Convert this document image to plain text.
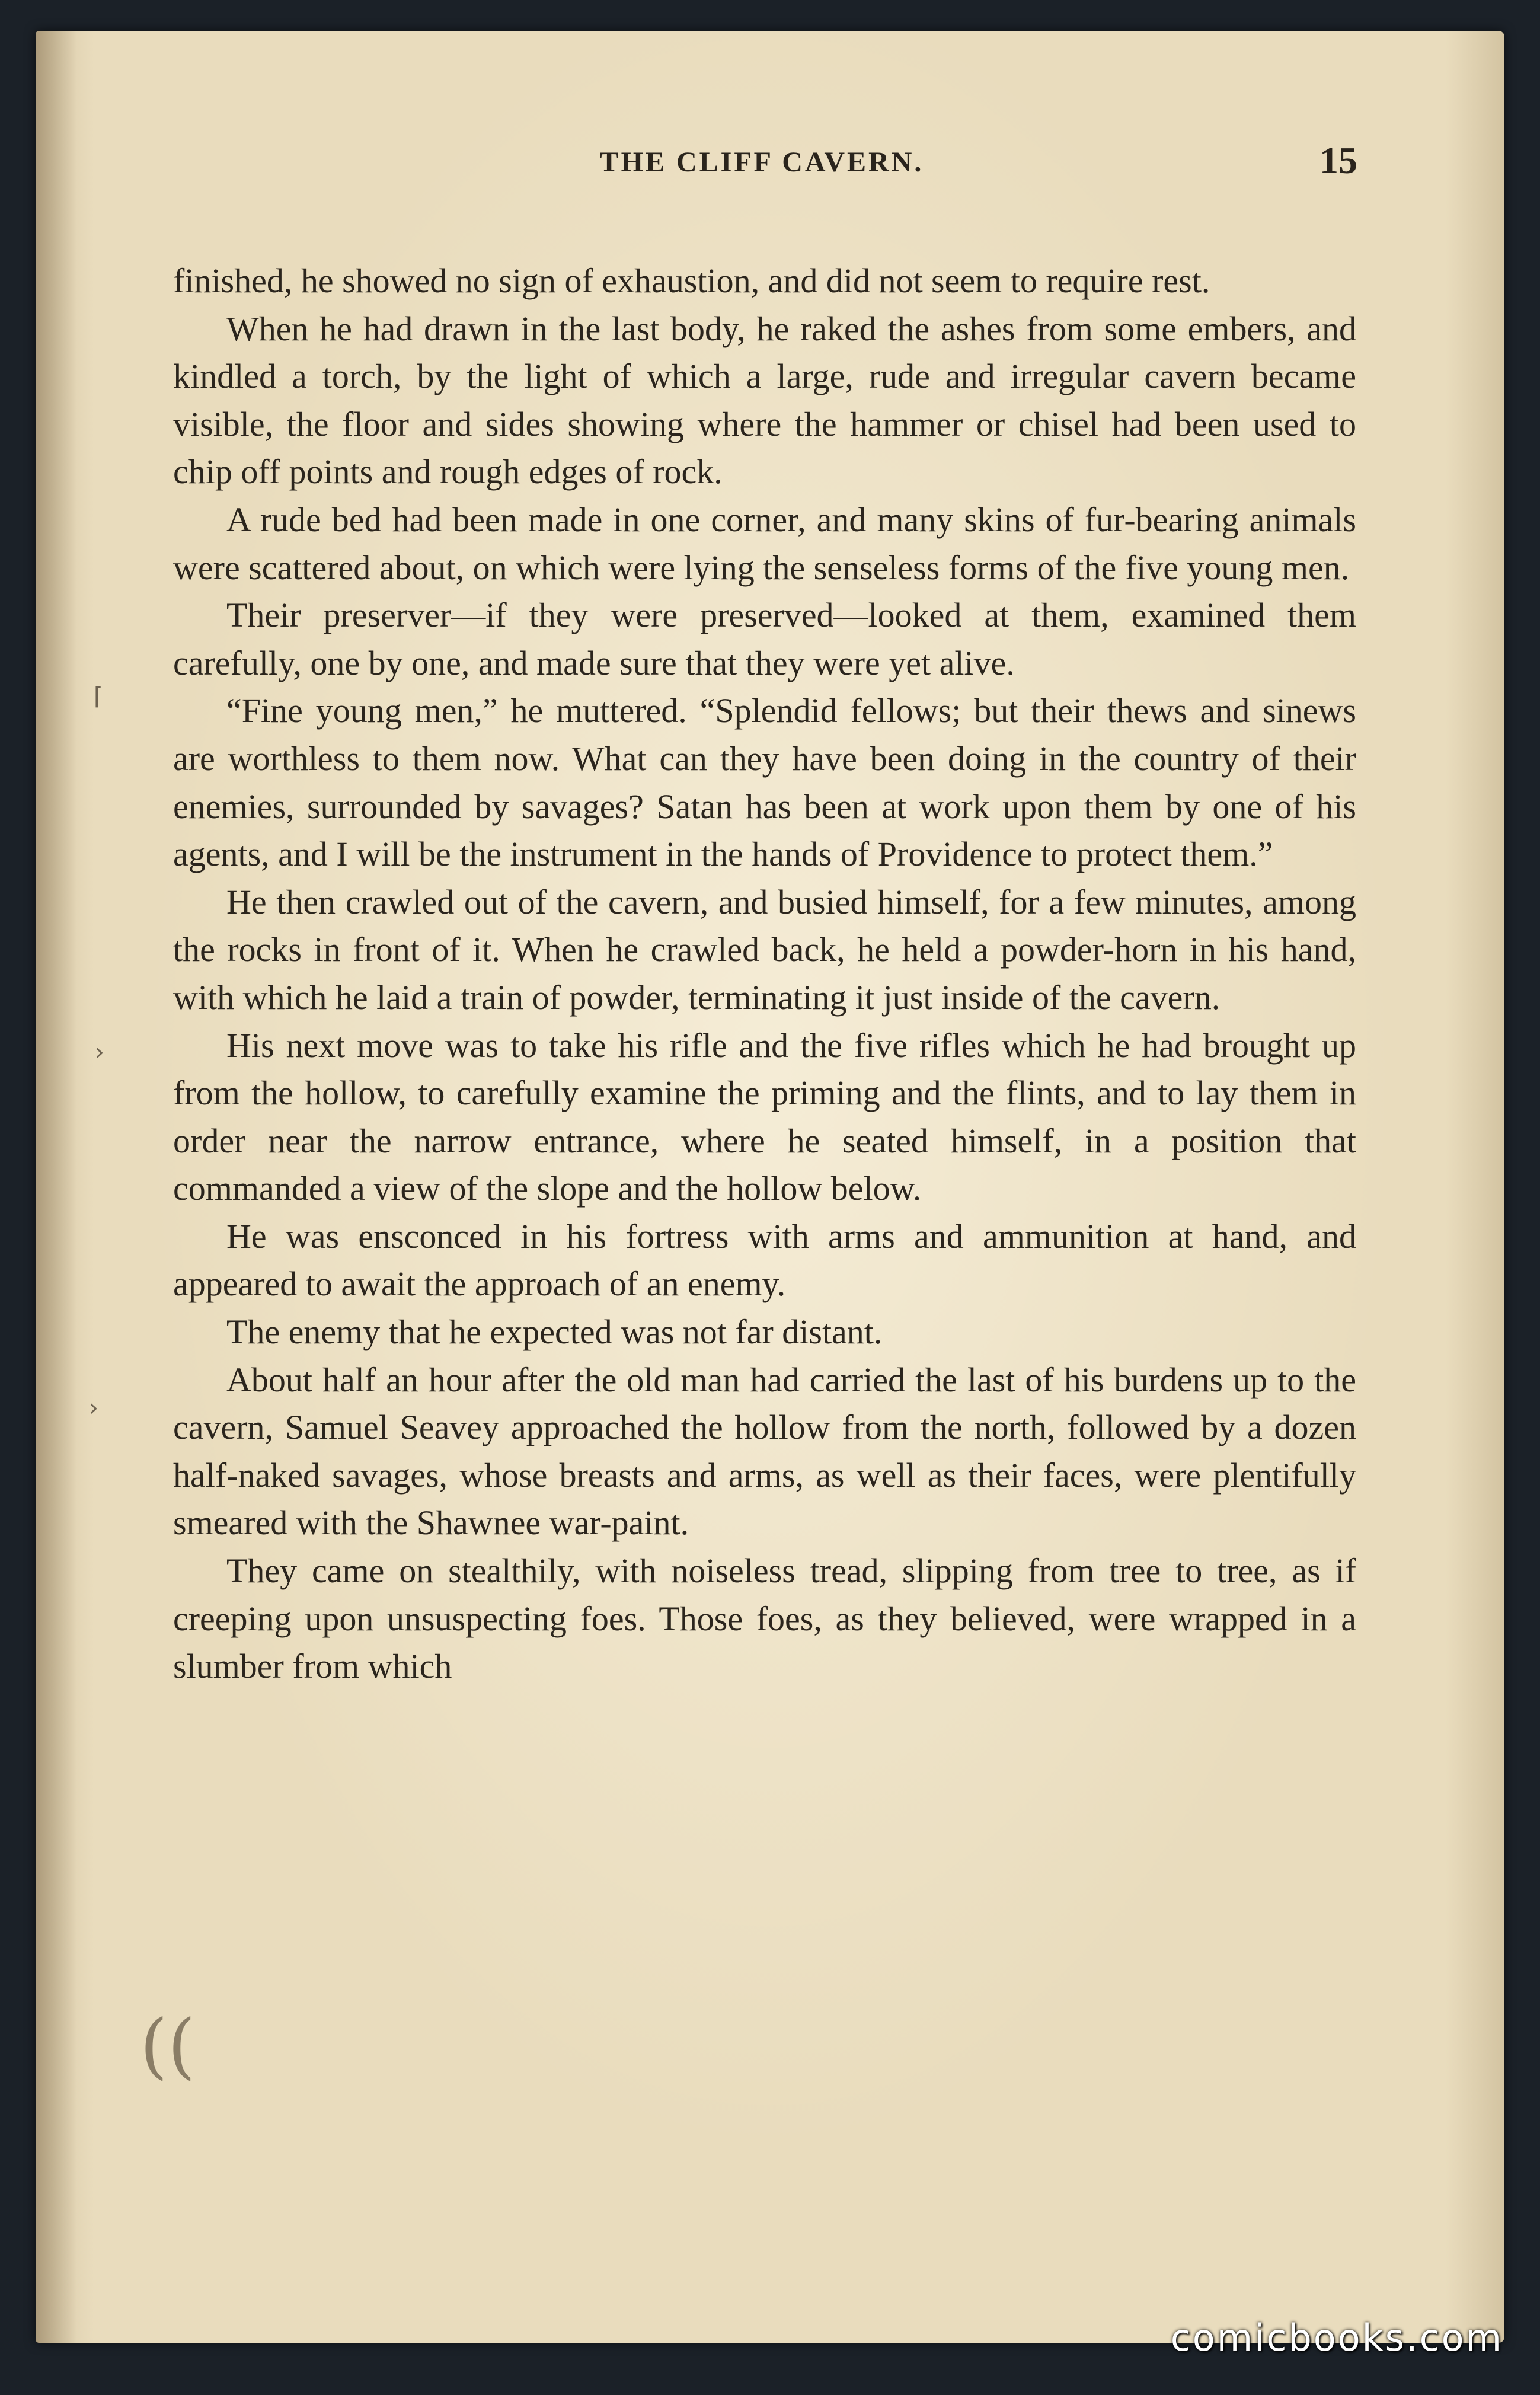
⌈
›
›
((
THE CLIFF CAVERN.	15

finished, he showed no sign of exhaustion, and did not seem to require rest.

When he had drawn in the last body, he raked the ashes from some embers, and kindled a torch, by the light of which a large, rude and irregular cavern became visible, the floor and sides showing where the hammer or chisel had been used to chip off points and rough edges of rock.

A rude bed had been made in one corner, and many skins of fur-bearing animals were scattered about, on which were lying the senseless forms of the five young men.

Their preserver—if they were preserved—looked at them, examined them carefully, one by one, and made sure that they were yet alive.

“Fine young men,” he muttered. “Splendid fellows; but their thews and sinews are worthless to them now. What can they have been doing in the country of their enemies, surrounded by savages? Satan has been at work upon them by one of his agents, and I will be the instrument in the hands of Providence to protect them.”

He then crawled out of the cavern, and busied himself, for a few minutes, among the rocks in front of it. When he crawled back, he held a powder-horn in his hand, with which he laid a train of powder, terminating it just inside of the cavern.

His next move was to take his rifle and the five rifles which he had brought up from the hollow, to carefully examine the priming and the flints, and to lay them in order near the narrow entrance, where he seated himself, in a position that commanded a view of the slope and the hollow below.

He was ensconced in his fortress with arms and ammunition at hand, and appeared to await the approach of an enemy.

The enemy that he expected was not far distant.

About half an hour after the old man had carried the last of his burdens up to the cavern, Samuel Seavey approached the hollow from the north, followed by a dozen half-naked savages, whose breasts and arms, as well as their faces, were plentifully smeared with the Shawnee war-paint.

They came on stealthily, with noiseless tread, slipping from tree to tree, as if creeping upon unsuspecting foes. Those foes, as they believed, were wrapped in a slumber from which

comicbooks.com
